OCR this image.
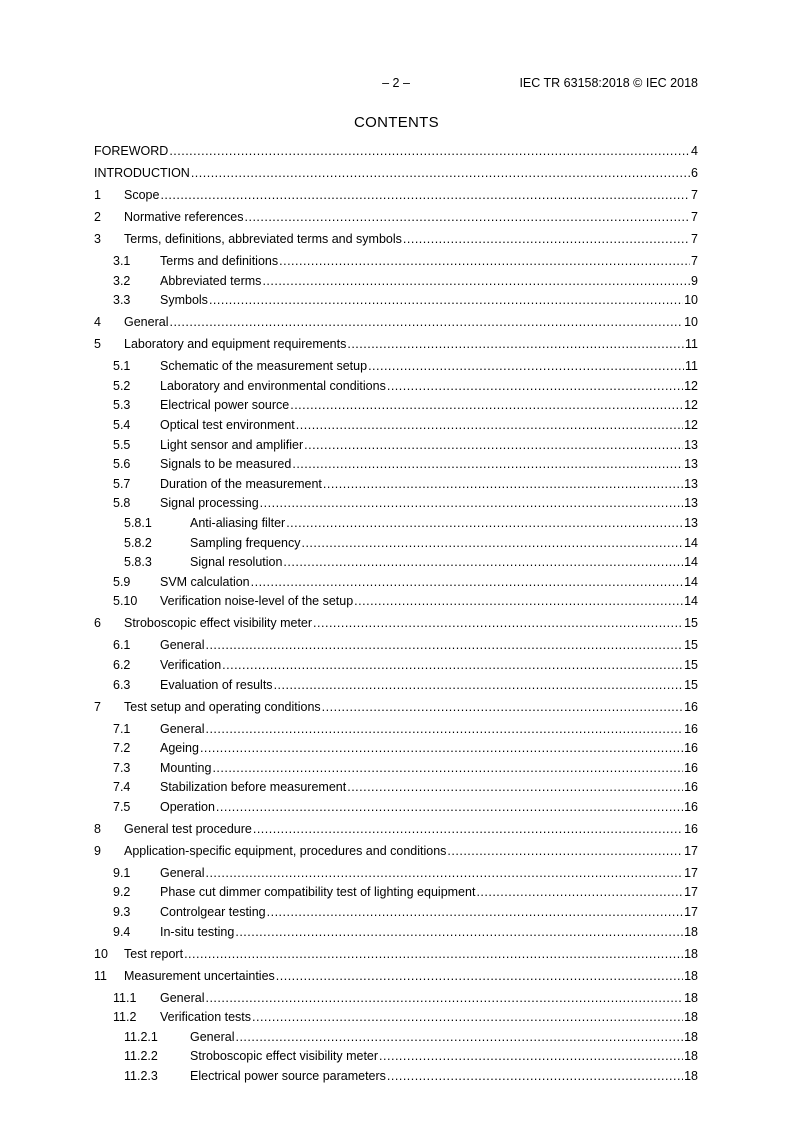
– 2 –	IEC TR 63158:2018 © IEC 2018
CONTENTS
FOREWORD .....	4
INTRODUCTION .....	6
1	Scope .....	7
2	Normative references .....	7
3	Terms, definitions, abbreviated terms and symbols .....	7
3.1	Terms and definitions .....	7
3.2	Abbreviated terms .....	9
3.3	Symbols .....	10
4	General .....	10
5	Laboratory and equipment requirements .....	11
5.1	Schematic of the measurement setup .....	11
5.2	Laboratory and environmental conditions .....	12
5.3	Electrical power source .....	12
5.4	Optical test environment .....	12
5.5	Light sensor and amplifier .....	13
5.6	Signals to be measured .....	13
5.7	Duration of the measurement .....	13
5.8	Signal processing .....	13
5.8.1	Anti-aliasing filter .....	13
5.8.2	Sampling frequency .....	14
5.8.3	Signal resolution .....	14
5.9	SVM calculation .....	14
5.10	Verification noise-level of the setup .....	14
6	Stroboscopic effect visibility meter .....	15
6.1	General .....	15
6.2	Verification .....	15
6.3	Evaluation of results .....	15
7	Test setup and operating conditions .....	16
7.1	General .....	16
7.2	Ageing .....	16
7.3	Mounting .....	16
7.4	Stabilization before measurement .....	16
7.5	Operation .....	16
8	General test procedure .....	16
9	Application-specific equipment, procedures and conditions .....	17
9.1	General .....	17
9.2	Phase cut dimmer compatibility test of lighting equipment .....	17
9.3	Controlgear testing .....	17
9.4	In-situ testing .....	18
10	Test report .....	18
11	Measurement uncertainties .....	18
11.1	General .....	18
11.2	Verification tests .....	18
11.2.1	General .....	18
11.2.2	Stroboscopic effect visibility meter .....	18
11.2.3	Electrical power source parameters .....	18
